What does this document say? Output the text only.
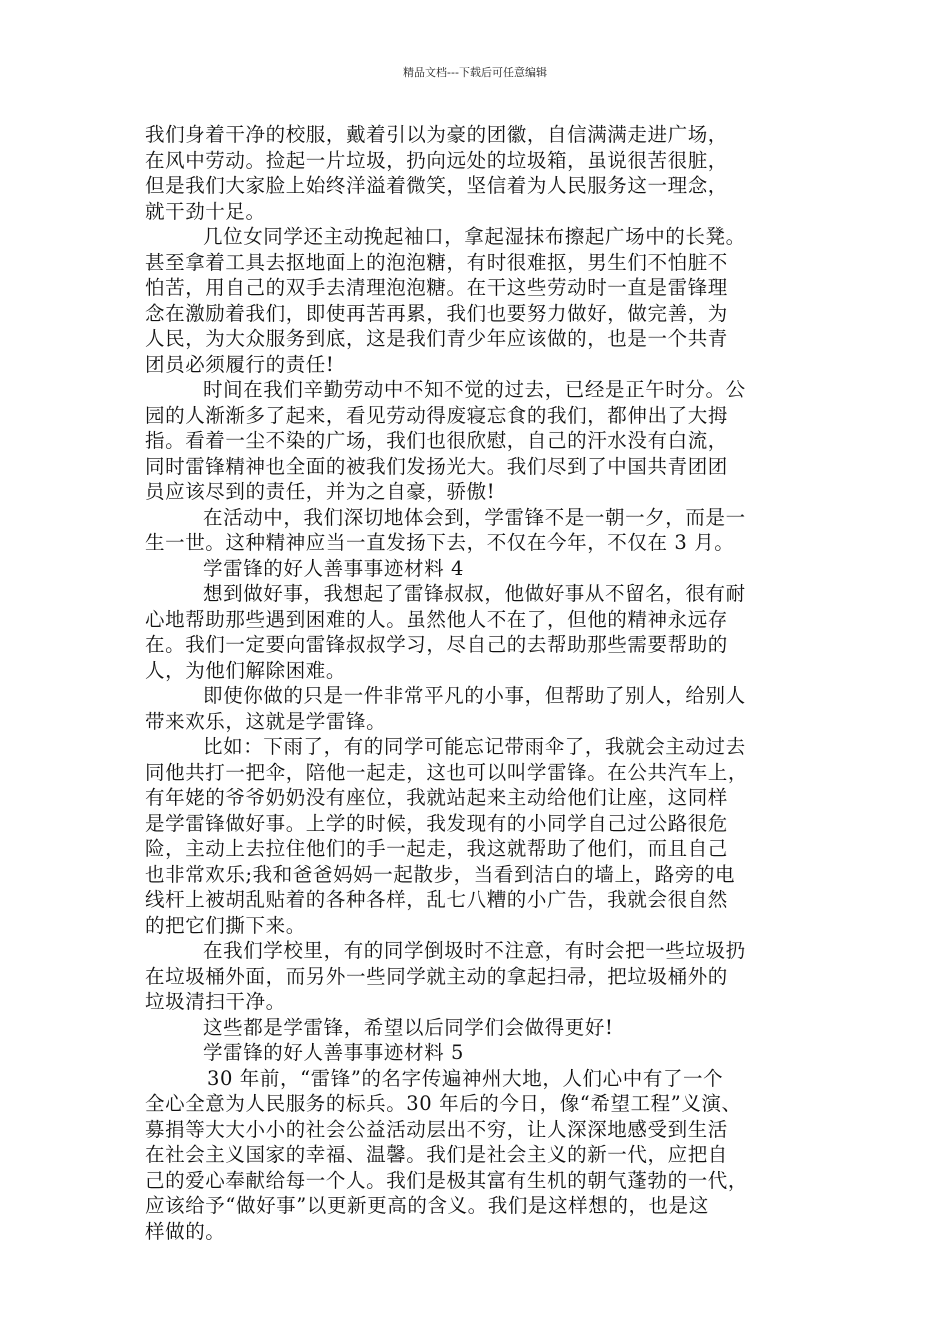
精品文档---下载后可任意编辑
我们身着干净的校服，戴着引以为豪的团徽，自信满满走进广场，
在风中劳动。捡起一片垃圾，扔向远处的垃圾箱，虽说很苦很脏，
但是我们大家脸上始终洋溢着微笑，坚信着为人民服务这一理念，
就干劲十足。
几位女同学还主动挽起袖口，拿起湿抹布擦起广场中的长凳。
甚至拿着工具去抠地面上的泡泡糖，有时很难抠，男生们不怕脏不
怕苦，用自己的双手去清理泡泡糖。在干这些劳动时一直是雷锋理
念在激励着我们，即使再苦再累，我们也要努力做好，做完善，为
人民，为大众服务到底，这是我们青少年应该做的，也是一个共青
团员必须履行的责任!
时间在我们辛勤劳动中不知不觉的过去，已经是正午时分。公
园的人渐渐多了起来，看见劳动得废寝忘食的我们，都伸出了大拇
指。看着一尘不染的广场，我们也很欣慰，自己的汗水没有白流，
同时雷锋精神也全面的被我们发扬光大。我们尽到了中国共青团团
员应该尽到的责任，并为之自豪，骄傲!
在活动中，我们深切地体会到，学雷锋不是一朝一夕，而是一
生一世。这种精神应当一直发扬下去，不仅在今年，不仅在 3 月。
学雷锋的好人善事事迹材料 4
想到做好事，我想起了雷锋叔叔，他做好事从不留名，很有耐
心地帮助那些遇到困难的人。虽然他人不在了，但他的精神永远存
在。我们一定要向雷锋叔叔学习，尽自己的去帮助那些需要帮助的
人，为他们解除困难。
即使你做的只是一件非常平凡的小事，但帮助了别人，给别人
带来欢乐，这就是学雷锋。
比如：下雨了，有的同学可能忘记带雨伞了，我就会主动过去
同他共打一把伞，陪他一起走，这也可以叫学雷锋。在公共汽车上，
有年姥的爷爷奶奶没有座位，我就站起来主动给他们让座，这同样
是学雷锋做好事。上学的时候，我发现有的小同学自己过公路很危
险，主动上去拉住他们的手一起走，我这就帮助了他们，而且自己
也非常欢乐;我和爸爸妈妈一起散步，当看到洁白的墙上，路旁的电
线杆上被胡乱贴着的各种各样，乱七八糟的小广告，我就会很自然
的把它们撕下来。
在我们学校里，有的同学倒圾时不注意，有时会把一些垃圾扔
在垃圾桶外面，而另外一些同学就主动的拿起扫帚，把垃圾桶外的
垃圾清扫干净。
这些都是学雷锋，希望以后同学们会做得更好!
学雷锋的好人善事事迹材料 5
30 年前，“雷锋”的名字传遍神州大地，人们心中有了一个
全心全意为人民服务的标兵。30 年后的今日，像“希望工程”义演、
募捐等大大小小的社会公益活动层出不穷，让人深深地感受到生活
在社会主义国家的幸福、温馨。我们是社会主义的新一代，应把自
己的爱心奉献给每一个人。我们是极其富有生机的朝气蓬勃的一代，
应该给予“做好事”以更新更高的含义。我们是这样想的，也是这
样做的。
